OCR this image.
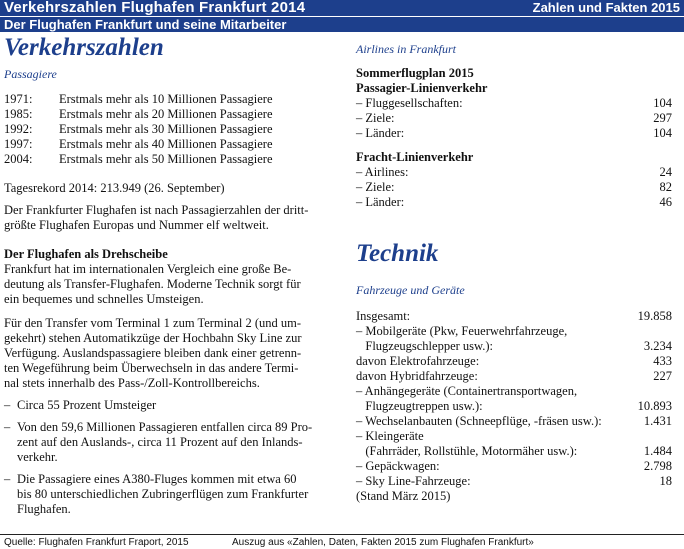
Verkehrszahlen Flughafen Frankfurt 2014	Zahlen und Fakten 2015
Der Flughafen Frankfurt und seine Mitarbeiter
Verkehrszahlen
Passagiere
1971:	Erstmals mehr als 10 Millionen Passagiere
1985:	Erstmals mehr als 20 Millionen Passagiere
1992:	Erstmals mehr als 30 Millionen Passagiere
1997:	Erstmals mehr als 40 Millionen Passagiere
2004:	Erstmals mehr als 50 Millionen Passagiere

Tagesrekord 2014: 213.949 (26. September)

Der Frankfurter Flughafen ist nach Passagierzahlen der dritt-
größte Flughafen Europas und Nummer elf weltweit.
Der Flughafen als Drehscheibe
Frankfurt hat im internationalen Vergleich eine große Be-
deutung als Transfer-Flughafen. Moderne Technik sorgt für
ein bequemes und schnelles Umsteigen.
Für den Transfer vom Terminal 1 zum Terminal 2 (und um-
gekehrt) stehen Automatikzüge der Hochbahn Sky Line zur
Verfügung. Auslandspassagiere bleiben dank einer getrenn-
ten Wegeführung beim Überwechseln in das andere Termi-
nal stets innerhalb des Pass-/Zoll-Kontrollbereichs.
– Circa 55 Prozent Umsteiger
– Von den 59,6 Millionen Passagieren entfallen circa 89 Pro-
zent auf den Auslands-, circa 11 Prozent auf den Inlands-
verkehr.
– Die Passagiere eines A380-Fluges kommen mit etwa 60
bis 80 unterschiedlichen Zubringerflügen zum Frankfurter
Flughafen.
Airlines in Frankfurt
Sommerflugplan 2015
Passagier-Linienverkehr
– Fluggesellschaften:	104
– Ziele:	297
– Länder:	104
Fracht-Linienverkehr
– Airlines:	24
– Ziele:	82
– Länder:	46
Technik
Fahrzeuge und Geräte
Insgesamt:	19.858
– Mobilgeräte (Pkw, Feuerwehrfahrzeuge,
Flugzeugschlepper usw.):	3.234
davon Elektrofahrzeuge:	433
davon Hybridfahrzeuge:	227
– Anhängegeräte (Containertransportwagen,
Flugzeugtreppen usw.):	10.893
– Wechselanbauten (Schneepflüge, -fräsen usw.):	1.431
– Kleingeräte
(Fahrräder, Rollstühle, Motormäher usw.):	1.484
– Gepäckwagen:	2.798
– Sky Line-Fahrzeuge:	18
(Stand März 2015)
Quelle: Flughafen Frankfurt Fraport, 2015	Auszug aus «Zahlen, Daten, Fakten 2015 zum Flughafen Frankfurt»
